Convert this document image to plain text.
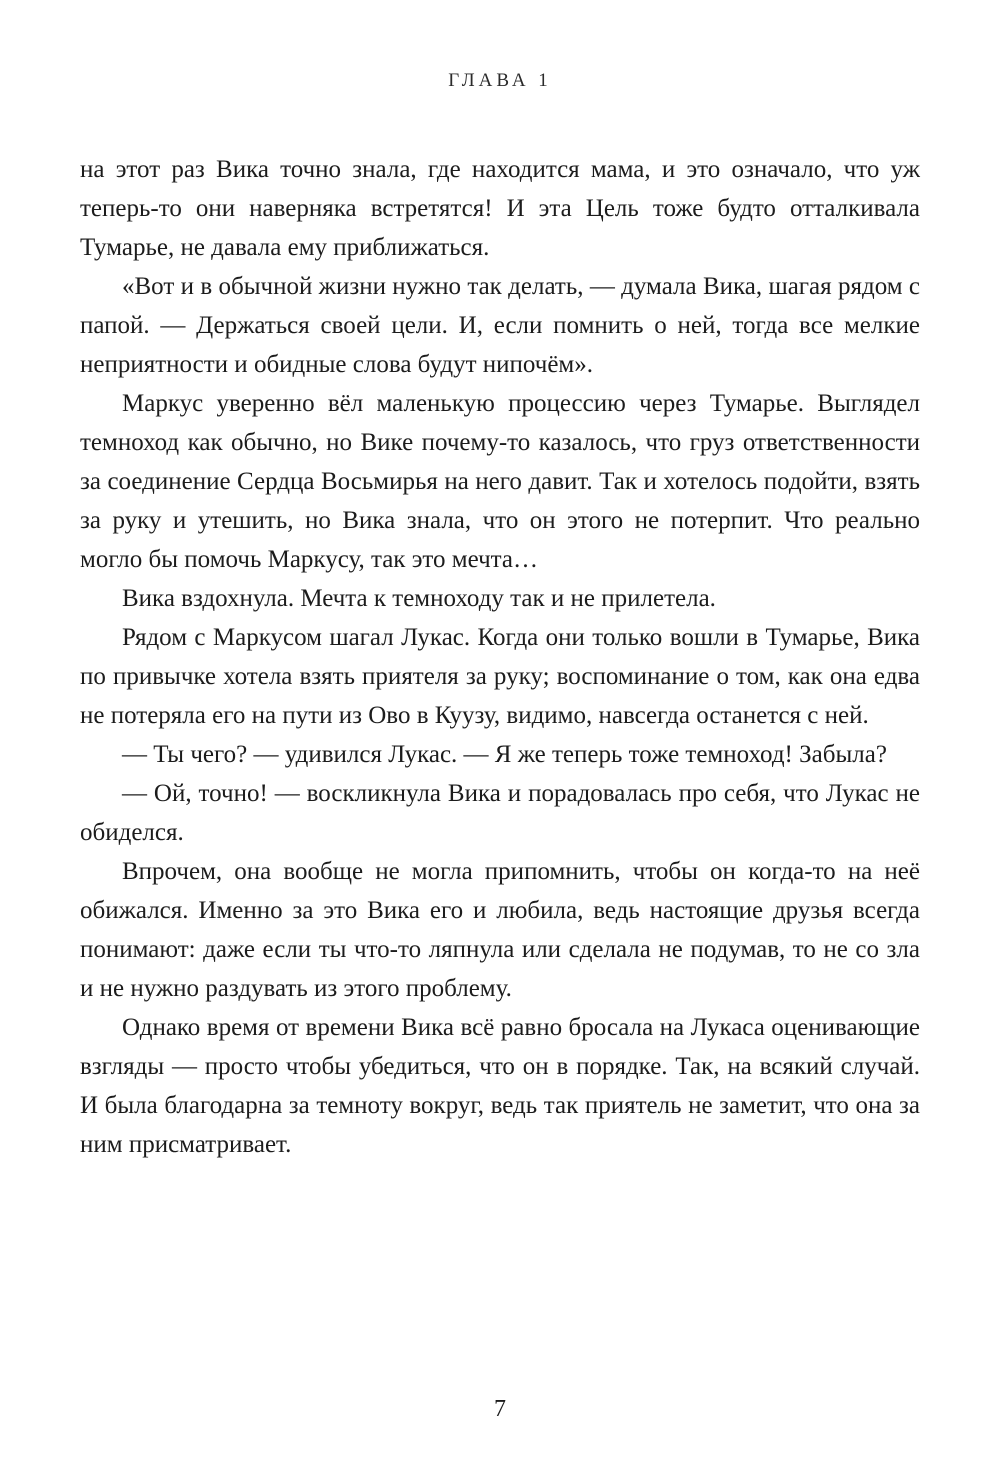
ГЛАВА 1

на этот раз Вика точно знала, где находится мама, и это означало, что уж теперь-то они наверняка встретятся! И эта Цель тоже будто отталкивала Тумарье, не давала ему приближаться.

«Вот и в обычной жизни нужно так делать, — думала Вика, шагая рядом с папой. — Держаться своей цели. И, если помнить о ней, тогда все мелкие неприятности и обидные слова будут нипочём».

Маркус уверенно вёл маленькую процессию через Тумарье. Выглядел темноход как обычно, но Вике почему-то казалось, что груз ответственности за соединение Сердца Восьмирья на него давит. Так и хотелось подойти, взять за руку и утешить, но Вика знала, что он этого не потерпит. Что реально могло бы помочь Маркусу, так это мечта…

Вика вздохнула. Мечта к темноходу так и не прилетела.

Рядом с Маркусом шагал Лукас. Когда они только вошли в Тумарье, Вика по привычке хотела взять приятеля за руку; воспоминание о том, как она едва не потеряла его на пути из Ово в Куузу, видимо, навсегда останется с ней.

— Ты чего? — удивился Лукас. — Я же теперь тоже темноход! Забыла?

— Ой, точно! — воскликнула Вика и порадовалась про себя, что Лукас не обиделся.

Впрочем, она вообще не могла припомнить, чтобы он когда-то на неё обижался. Именно за это Вика его и любила, ведь настоящие друзья всегда понимают: даже если ты что-то ляпнула или сделала не подумав, то не со зла и не нужно раздувать из этого проблему.

Однако время от времени Вика всё равно бросала на Лукаса оценивающие взгляды — просто чтобы убедиться, что он в порядке. Так, на всякий случай. И была благодарна за темноту вокруг, ведь так приятель не заметит, что она за ним присматривает.

7
